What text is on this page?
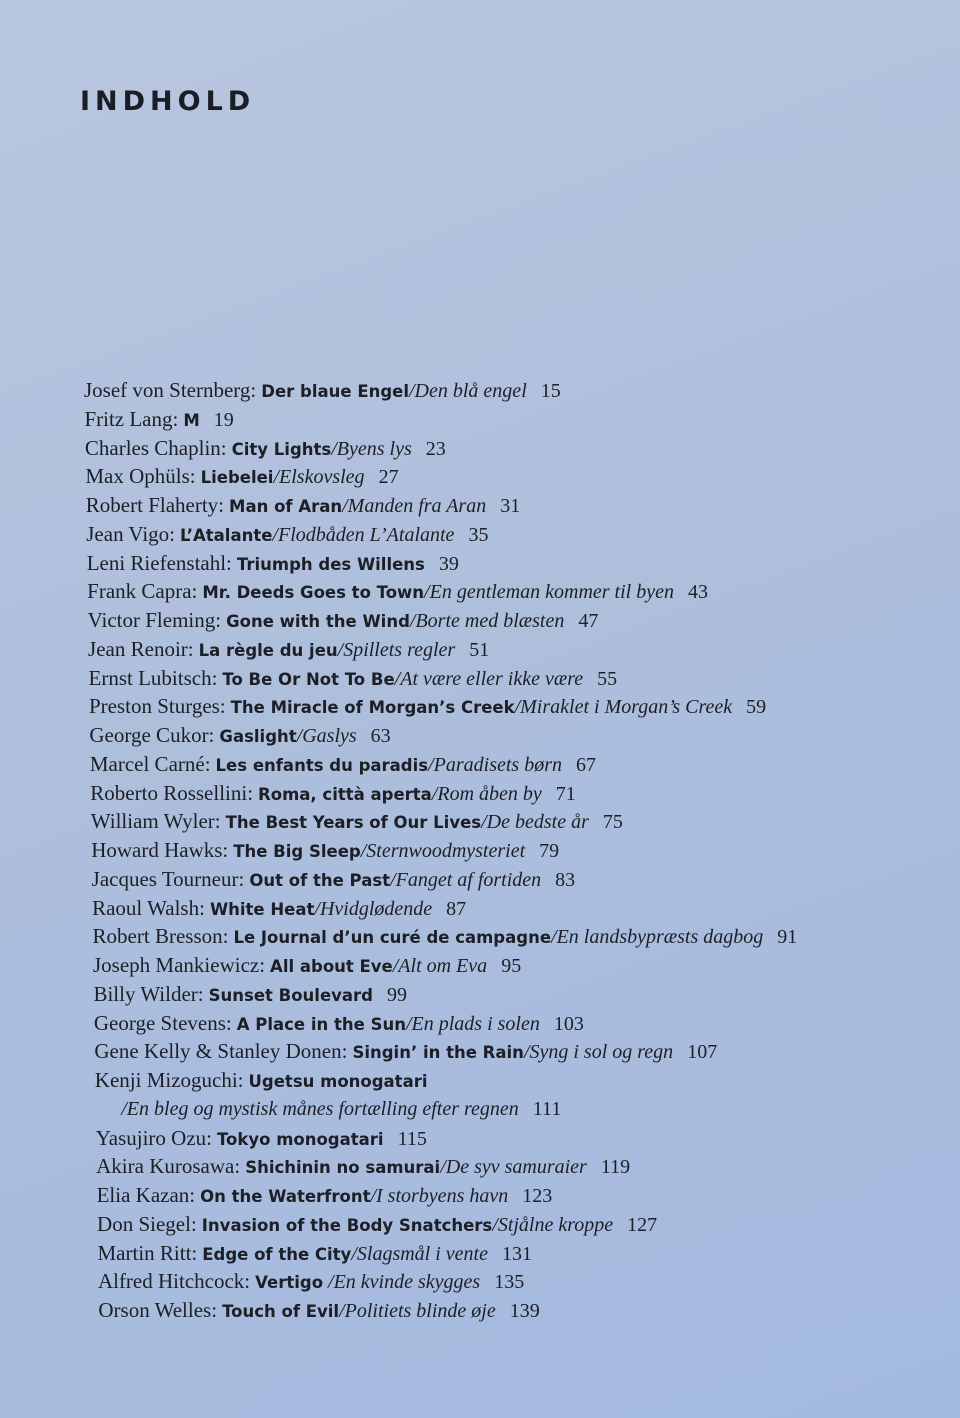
INDHOLD
Josef von Sternberg: Der blaue Engel/Den blå engel 15
Fritz Lang: M 19
Charles Chaplin: City Lights/Byens lys 23
Max Ophüls: Liebelei/Elskovsleg 27
Robert Flaherty: Man of Aran/Manden fra Aran 31
Jean Vigo: L’Atalante/Flodbåden L’Atalante 35
Leni Riefenstahl: Triumph des Willens 39
Frank Capra: Mr. Deeds Goes to Town/En gentleman kommer til byen 43
Victor Fleming: Gone with the Wind/Borte med blæsten 47
Jean Renoir: La règle du jeu/Spillets regler 51
Ernst Lubitsch: To Be Or Not To Be/At være eller ikke være 55
Preston Sturges: The Miracle of Morgan’s Creek/Miraklet i Morgan’s Creek 59
George Cukor: Gaslight/Gaslys 63
Marcel Carné: Les enfants du paradis/Paradisets børn 67
Roberto Rossellini: Roma, città aperta/Rom åben by 71
William Wyler: The Best Years of Our Lives/De bedste år 75
Howard Hawks: The Big Sleep/Sternwoodmysteriet 79
Jacques Tourneur: Out of the Past/Fanget af fortiden 83
Raoul Walsh: White Heat/Hvidglødende 87
Robert Bresson: Le Journal d’un curé de campagne/En landsbypræsts dagbog 91
Joseph Mankiewicz: All about Eve/Alt om Eva 95
Billy Wilder: Sunset Boulevard 99
George Stevens: A Place in the Sun/En plads i solen 103
Gene Kelly & Stanley Donen: Singin’ in the Rain/Syng i sol og regn 107
Kenji Mizoguchi: Ugetsu monogatari
/En bleg og mystisk månes fortælling efter regnen 111
Yasujiro Ozu: Tokyo monogatari 115
Akira Kurosawa: Shichinin no samurai/De syv samuraier 119
Elia Kazan: On the Waterfront/I storbyens havn 123
Don Siegel: Invasion of the Body Snatchers/Stjålne kroppe 127
Martin Ritt: Edge of the City/Slagsmål i vente 131
Alfred Hitchcock: Vertigo /En kvinde skygges 135
Orson Welles: Touch of Evil/Politiets blinde øje 139
